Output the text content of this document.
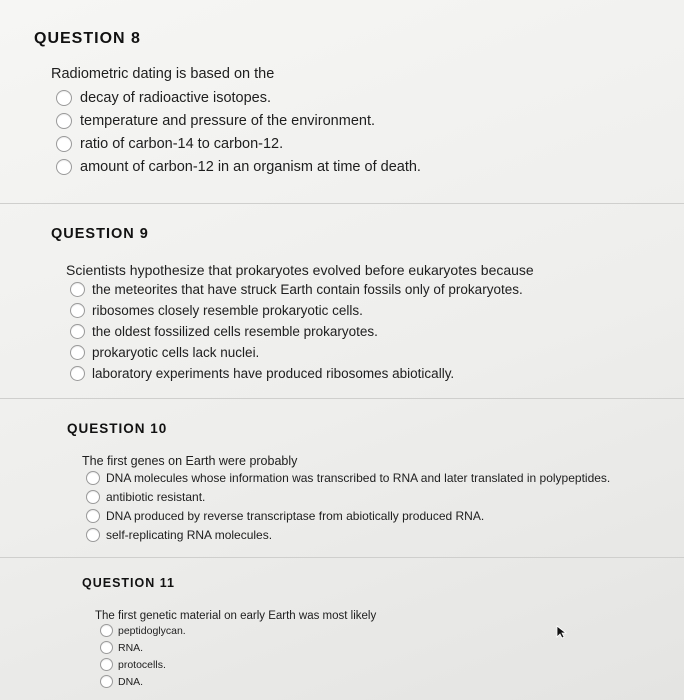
QUESTION 8
Radiometric dating is based on the
decay of radioactive isotopes.
temperature and pressure of the environment.
ratio of carbon-14 to carbon-12.
amount of carbon-12 in an organism at time of death.
QUESTION 9
Scientists hypothesize that prokaryotes evolved before eukaryotes because
the meteorites that have struck Earth contain fossils only of prokaryotes.
ribosomes closely resemble prokaryotic cells.
the oldest fossilized cells resemble prokaryotes.
prokaryotic cells lack nuclei.
laboratory experiments have produced ribosomes abiotically.
QUESTION 10
The first genes on Earth were probably
DNA molecules whose information was transcribed to RNA and later translated in polypeptides.
antibiotic resistant.
DNA produced by reverse transcriptase from abiotically produced RNA.
self-replicating RNA molecules.
QUESTION 11
The first genetic material on early Earth was most likely
peptidoglycan.
RNA.
protocells.
DNA.
